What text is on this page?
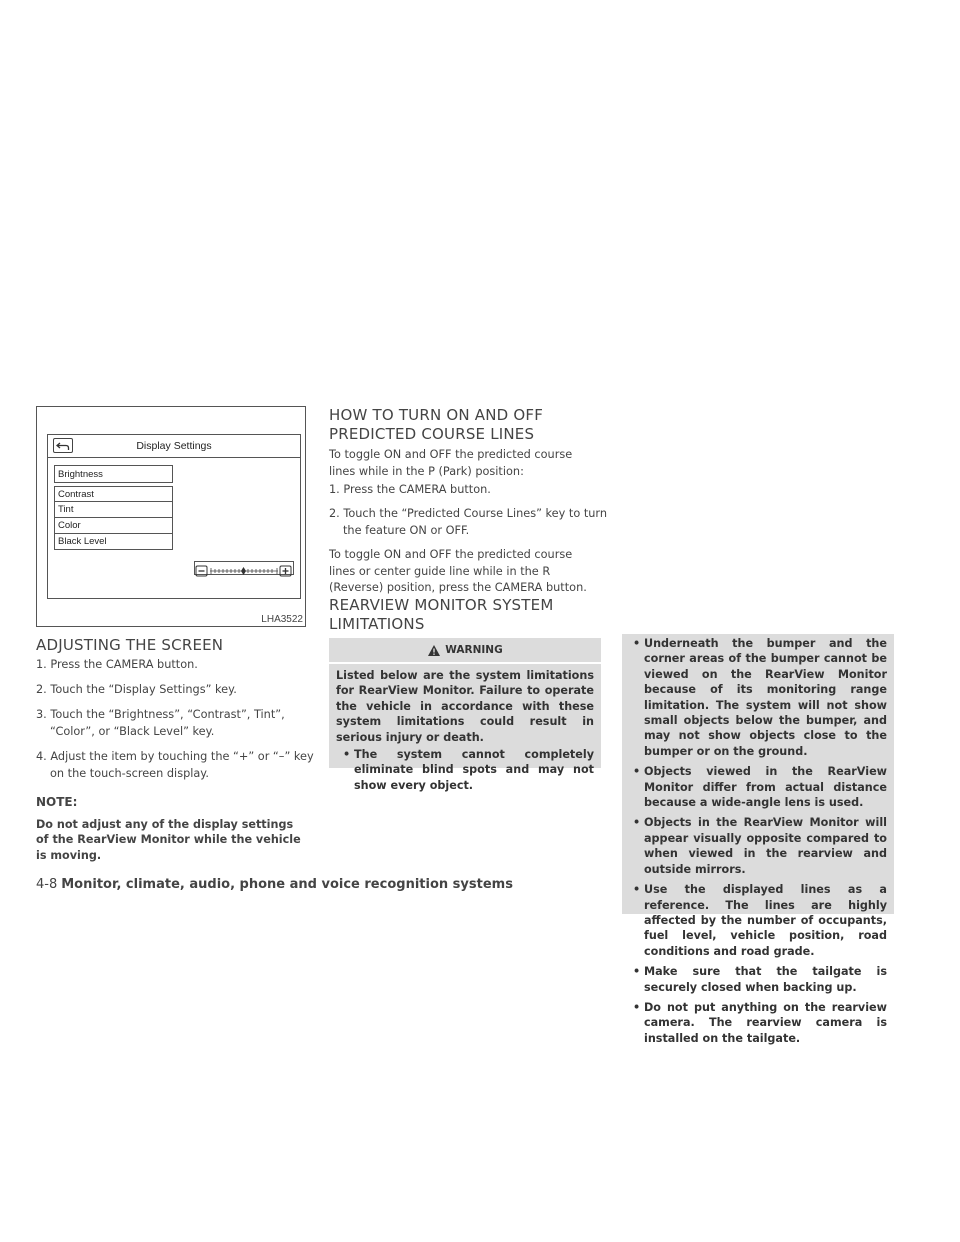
Display Settings
Brightness
Contrast
Tint
Color
Black Level
LHA3522
ADJUSTING THE SCREEN

1. Press the CAMERA button.

2. Touch the “Display Settings” key.

3. Touch the “Brightness”, “Contrast”, Tint”, “Color”, or “Black Level” key.

4. Adjust the item by touching the “+” or “–” key on the touch-screen display.

NOTE:

Do not adjust any of the display settings of the RearView Monitor while the vehicle is moving.

HOW TO TURN ON AND OFF PREDICTED COURSE LINES

To toggle ON and OFF the predicted course lines while in the P (Park) position:

1. Press the CAMERA button.

2. Touch the “Predicted Course Lines” key to turn the feature ON or OFF.

To toggle ON and OFF the predicted course lines or center guide line while in the R (Reverse) position, press the CAMERA button.

REARVIEW MONITOR SYSTEM LIMITATIONS
WARNING

Listed below are the system limitations for RearView Monitor. Failure to operate the vehicle in accordance with these system limitations could result in serious injury or death.

• The system cannot completely eliminate blind spots and may not show every object.

• Underneath the bumper and the corner areas of the bumper cannot be viewed on the RearView Monitor because of its monitoring range limitation. The system will not show small objects below the bumper, and may not show objects close to the bumper or on the ground.

• Objects viewed in the RearView Monitor differ from actual distance because a wide-angle lens is used.

• Objects in the RearView Monitor will appear visually opposite compared to when viewed in the rearview and outside mirrors.

• Use the displayed lines as a reference. The lines are highly affected by the number of occupants, fuel level, vehicle position, road conditions and road grade.

• Make sure that the tailgate is securely closed when backing up.

• Do not put anything on the rearview camera. The rearview camera is installed on the tailgate.

4-8 Monitor, climate, audio, phone and voice recognition systems
